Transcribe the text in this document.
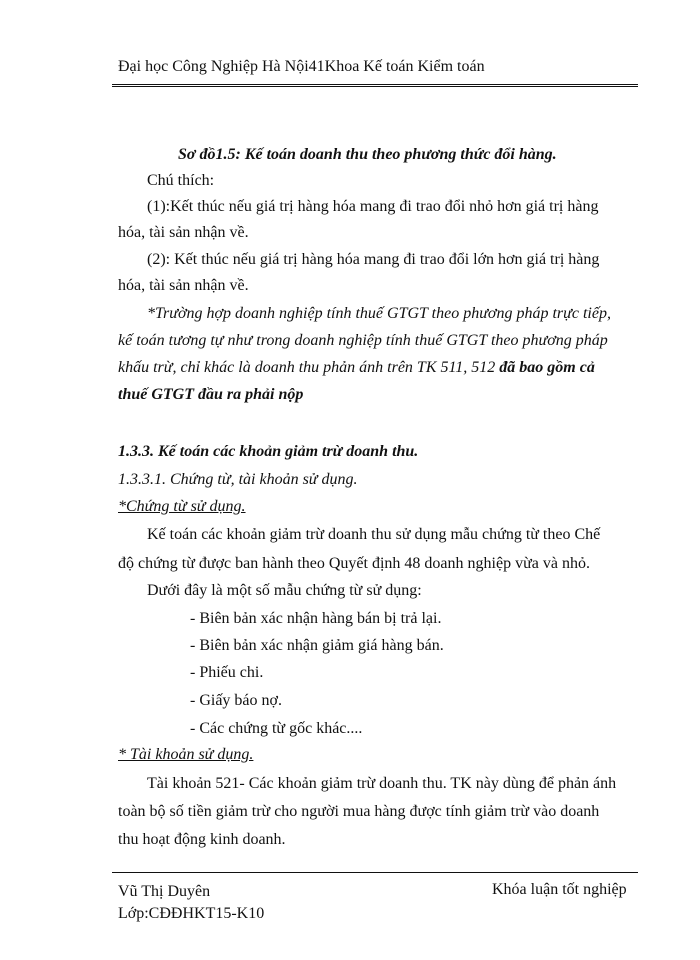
Đại học Công Nghiệp Hà Nội41Khoa Kế toán Kiểm toán
Sơ đồ1.5: Kế toán doanh thu theo phương thức đổi hàng.
Chú thích:
(1):Kết thúc nếu giá trị hàng hóa mang đi trao đổi nhỏ hơn giá trị hàng
hóa, tài sản nhận về.
(2): Kết thúc nếu giá trị hàng hóa mang đi trao đổi lớn hơn giá trị hàng
hóa, tài sản nhận về.
*Trường hợp doanh nghiệp tính thuế GTGT theo phương pháp trực tiếp,
kế toán tương tự như trong doanh nghiệp tính thuế GTGT theo phương pháp
khấu trừ, chỉ khác là doanh thu phản ánh trên TK 511, 512 đã bao gồm cả
thuế GTGT đầu ra phải nộp
1.3.3. Kế toán các khoản giảm trừ doanh thu.
1.3.3.1. Chứng từ, tài khoản sử dụng.
*Chứng từ sử dụng.
Kế toán các khoản giảm trừ doanh thu sử dụng mẫu chứng từ theo Chế
độ chứng từ được ban hành theo Quyết định 48 doanh nghiệp vừa và nhỏ.
Dưới đây là một số mẫu chứng từ sử dụng:
- Biên bản xác nhận hàng bán bị trả lại.
- Biên bản xác nhận giảm giá hàng bán.
- Phiếu chi.
- Giấy báo nợ.
- Các chứng từ gốc khác....
* Tài khoản sử dụng.
Tài khoản 521- Các khoản giảm trừ doanh thu. TK này dùng để phản ánh
toàn bộ số tiền giảm trừ cho người mua hàng được tính giảm trừ vào doanh
thu hoạt động kinh doanh.
Vũ Thị Duyên
Lớp:CĐĐHKT15-K10
Khóa luận tốt nghiệp
